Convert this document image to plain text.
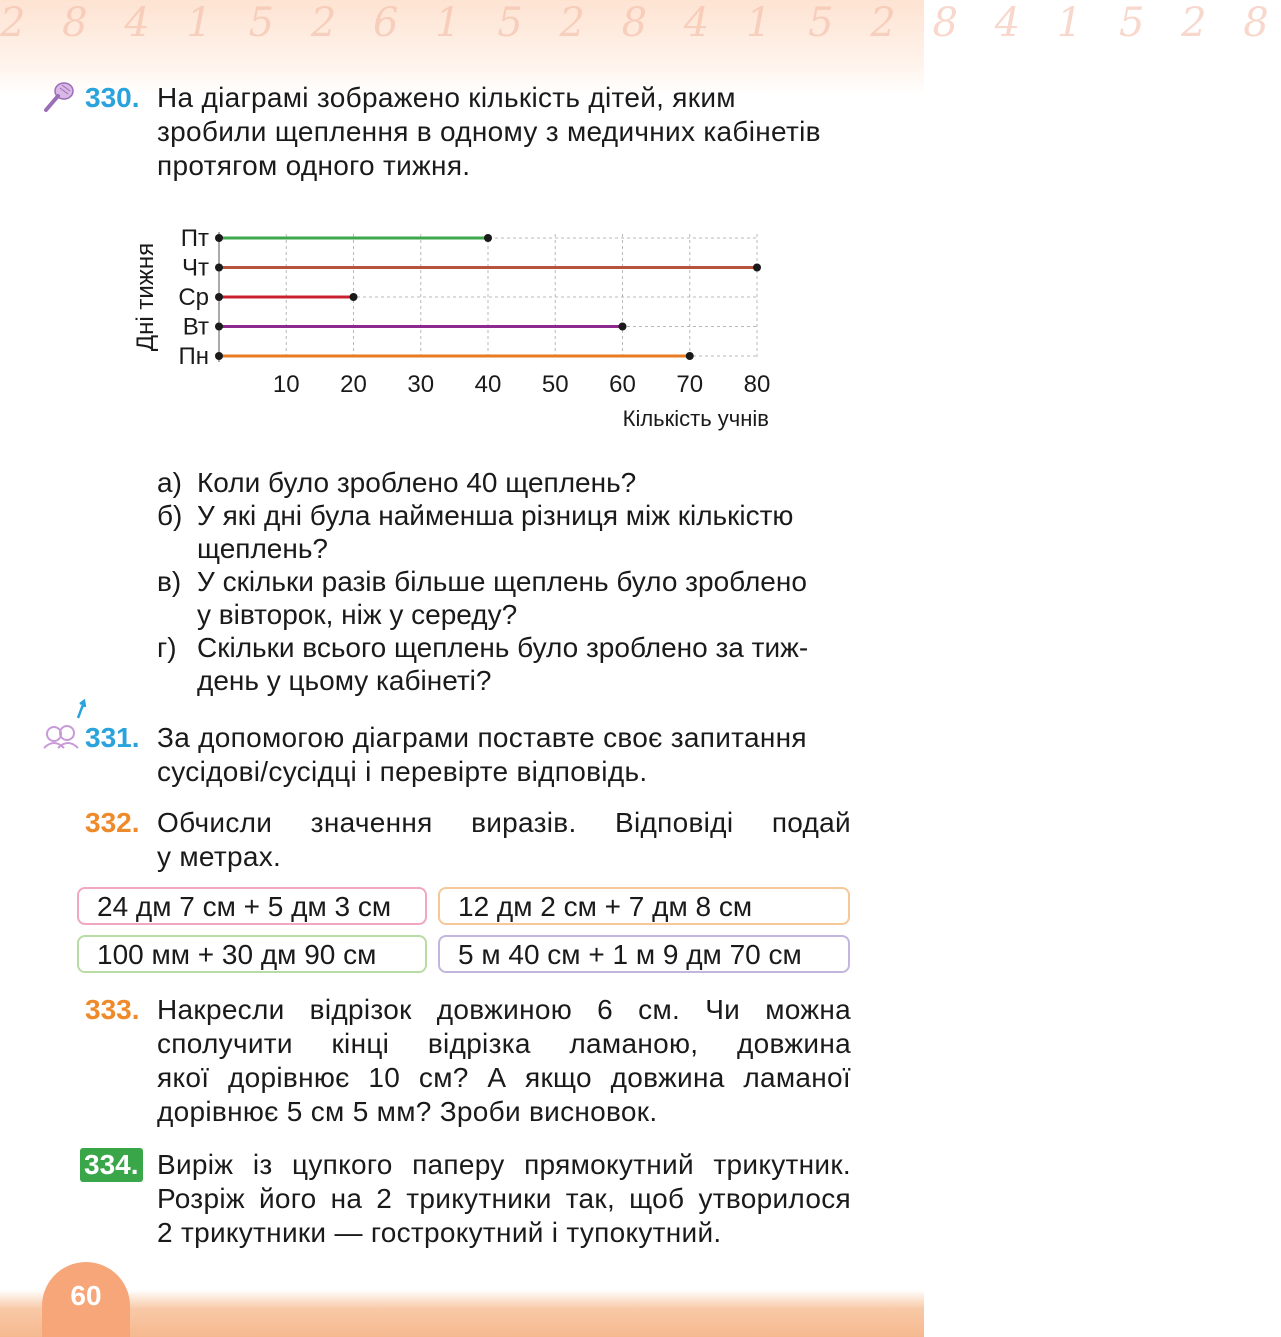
2 8 4 1 5 2 6 1 5 2 8 4 1 5 2 8 4 1 5 2 8
330. На діаграмі зображено кількість дітей, яким
зробили щеплення в одному з медичних кабінетів
протягом одного тижня.
Пт
Чт
Ср
Вт
Пн
10 20 30 40 50 60 70 80
Кількість учнів
Дні тижня
а) Коли було зроблено 40 щеплень?
б) У які дні була найменша різниця між кількістю
щеплень?
в) У скільки разів більше щеплень було зроблено
у вівторок, ніж у середу?
г) Скільки всього щеплень було зроблено за тиж-
день у цьому кабінеті?
331. За допомогою діаграми поставте своє запитання
сусідові/сусідці і перевірте відповідь.
332. Обчисли значення виразів. Відповіді подай
у метрах.
24 дм 7 см + 5 дм 3 см	12 дм 2 см + 7 дм 8 см
100 мм + 30 дм 90 см	5 м 40 см + 1 м 9 дм 70 см
333. Накресли відрізок довжиною 6 см. Чи можна
сполучити кінці відрізка ламаною, довжина
якої дорівнює 10 см? А якщо довжина ламаної
дорівнює 5 см 5 мм? Зроби висновок.
334. Виріж із цупкого паперу прямокутний трикутник.
Розріж його на 2 трикутники так, щоб утворилося
2 трикутники — гострокутний і тупокутний.
60
